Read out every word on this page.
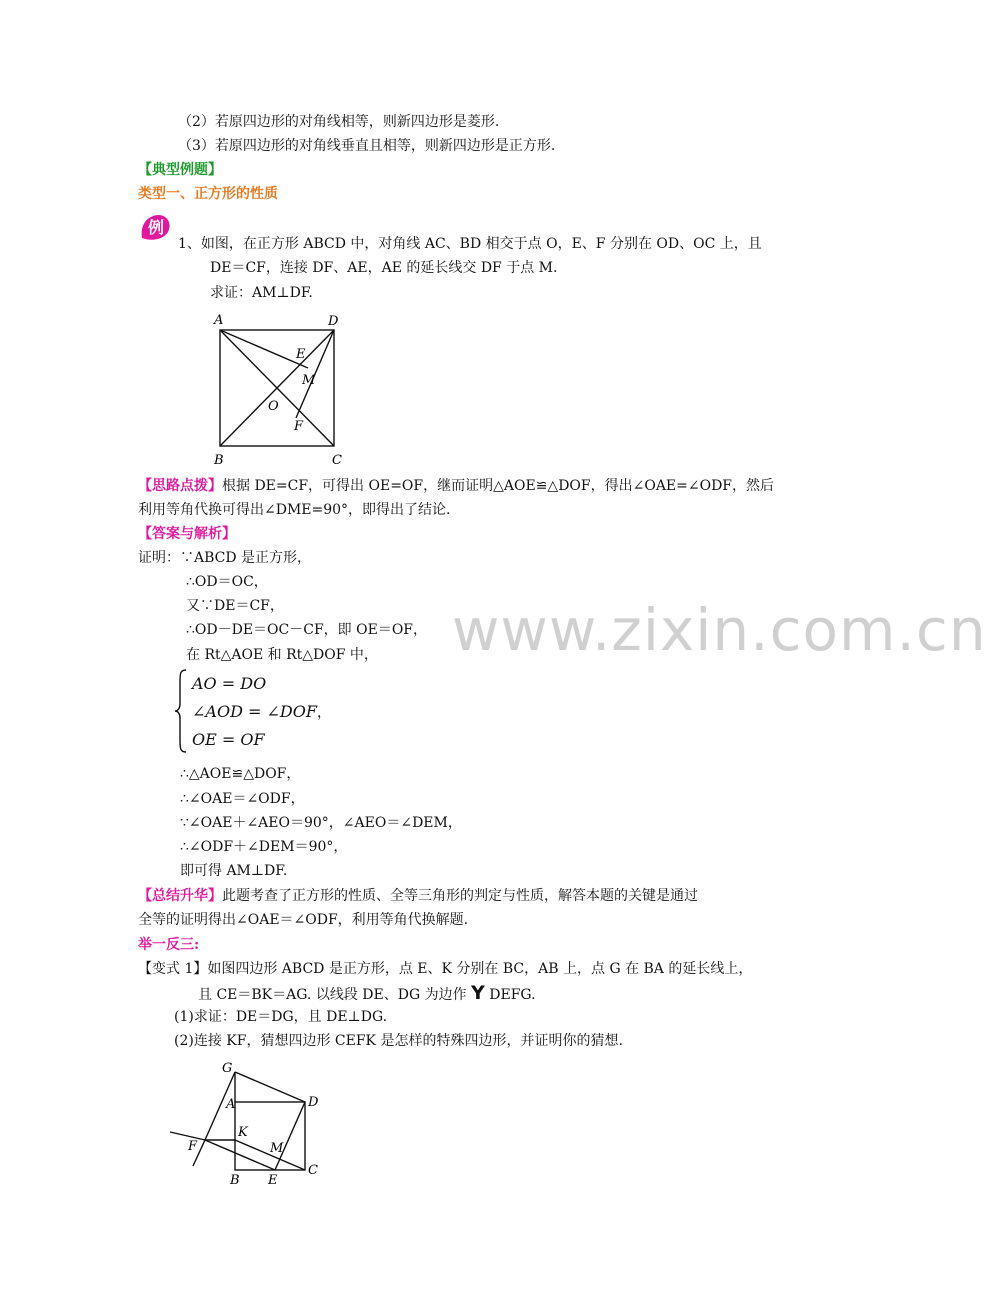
www.zixin.com.cn
（2）若原四边形的对角线相等，则新四边形是菱形.
（3）若原四边形的对角线垂直且相等，则新四边形是正方形.
【典型例题】
类型一、正方形的性质
例
1、如图，在正方形 ABCD 中，对角线 AC、BD 相交于点 O，E、F 分别在 OD、OC 上，且
DE＝CF，连接 DF、AE，AE 的延长线交 DF 于点 M.
求证：AM⊥DF.
A	D
E
M
O
F
B	C
【思路点拨】根据 DE=CF，可得出 OE=OF，继而证明△AOE≌△DOF，得出∠OAE=∠ODF，然后
利用等角代换可得出∠DME=90°，即得出了结论.
【答案与解析】
证明：∵ABCD 是正方形，
∴OD＝OC，
又∵DE＝CF，
∴OD－DE＝OC－CF，即 OE＝OF，
在 Rt△AOE 和 Rt△DOF 中，
AO = DO
∠AOD = ∠DOF，
OE = OF
∴△AOE≌△DOF，
∴∠OAE＝∠ODF，
∵∠OAE＋∠AEO＝90°，∠AEO＝∠DEM，
∴∠ODF＋∠DEM＝90°，
即可得 AM⊥DF.
【总结升华】此题考查了正方形的性质、全等三角形的判定与性质，解答本题的关键是通过
全等的证明得出∠OAE＝∠ODF，利用等角代换解题.
举一反三:
【变式 1】如图四边形 ABCD 是正方形，点 E、K 分别在 BC，AB 上，点 G 在 BA 的延长线上，
且 CE＝BK＝AG. 以线段 DE、DG 为边作 Y DEFG.
(1)求证：DE＝DG，且 DE⊥DG.
(2)连接 KF，猜想四边形 CEFK 是怎样的特殊四边形，并证明你的猜想.
G
A	D
K
F	M
B E
C
